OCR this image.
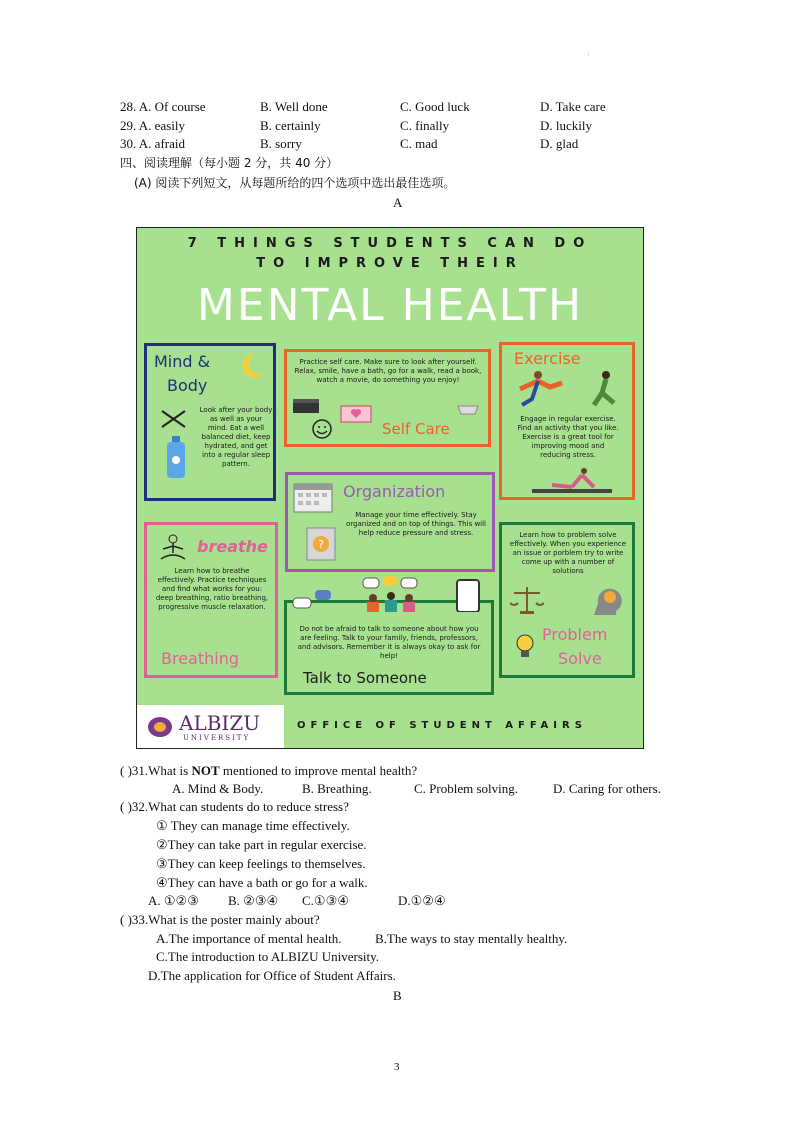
'
28. A. Of course	B. Well done	C. Good luck	D. Take care
29. A. easily	B. certainly	C. finally	D. luckily
30. A. afraid	B. sorry	C. mad	D. glad
四、阅读理解（每小题 2 分，共 40 分）
(A) 阅读下列短文，从每题所给的四个选项中选出最佳选项。
A
7 THINGS STUDENTS CAN DO
TO IMPROVE THEIR
MENTAL HEALTH
Mind &
Body
Look after your body as well as your mind. Eat a well balanced diet, keep hydrated, and get into a regular sleep pattern.
Practice self care. Make sure to look after yourself. Relax, smile, have a bath, go for a walk, read a book, watch a movie, do something you enjoy!
Self Care
Exercise
Engage in regular exercise. Find an activity that you like. Exercise is a great tool for improving mood and reducing stress.
Organization
?
Manage your time effectively. Stay organized and on top of things. This will help reduce pressure and stress.
breathe
Learn how to breathe effectively. Practice techniques and find what works for you: deep breathing, ratio breathing, progressive muscle relaxation.
Breathing
Do not be afraid to talk to someone about how you are feeling. Talk to your family, friends, professors, and advisors. Remember it is always okay to ask for help!
Talk to Someone
Learn how to problem solve effectively. When you experience an issue or porblem try to write come up with a number of solutions
Problem
Solve
ALBIZU
UNIVERSITY
OFFICE OF STUDENT AFFAIRS
( )31.What is NOT mentioned to improve mental health?
A. Mind & Body.	B. Breathing.	C. Problem solving.	D. Caring for others.
( )32.What can students do to reduce stress?
① They can manage time effectively.
②They can take part in regular exercise.
③They can keep feelings to themselves.
④They can have a bath or go for a walk.
A. ①②③ B. ②③④ C.①③④	D.①②④
( )33.What is the poster mainly about?
A.The importance of mental health.	B.The ways to stay mentally healthy.
C.The introduction to ALBIZU University.
D.The application for Office of Student Affairs.
B
3
